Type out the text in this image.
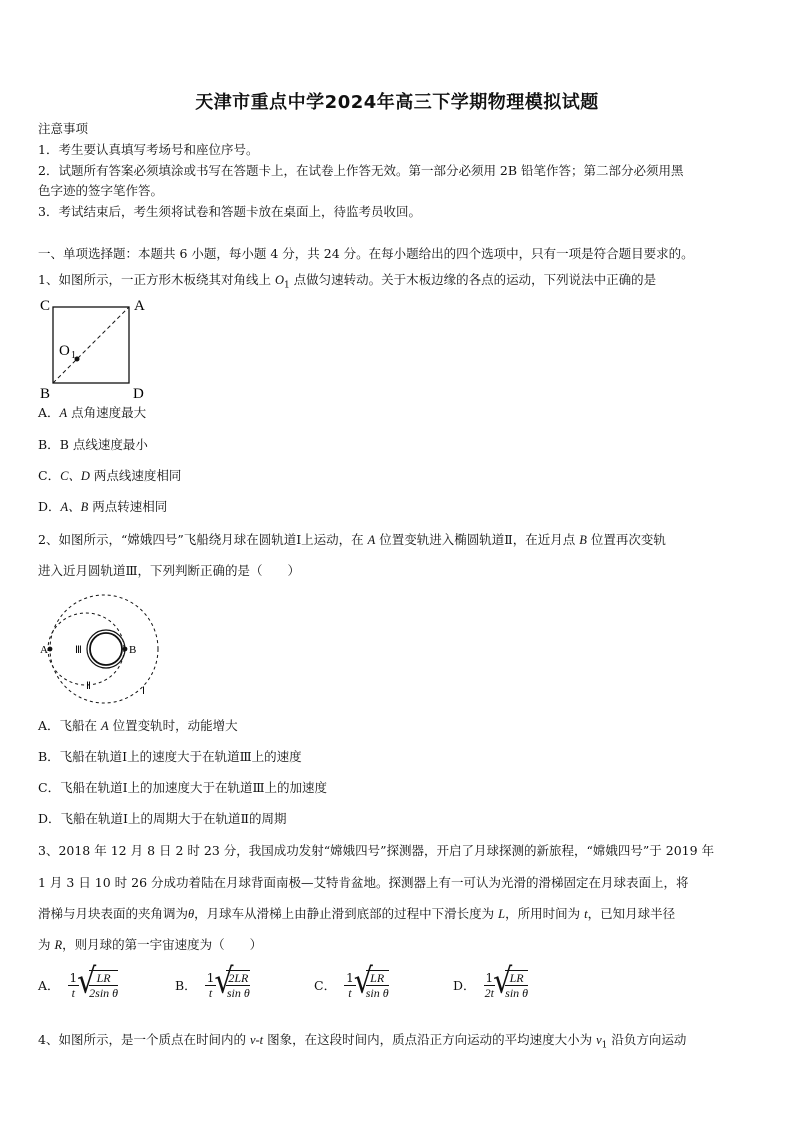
天津市重点中学2024年高三下学期物理模拟试题
注意事项
1．考生要认真填写考场号和座位序号。
2．试题所有答案必须填涂或书写在答题卡上，在试卷上作答无效。第一部分必须用 2B 铅笔作答；第二部分必须用黑
色字迹的签字笔作答。
3．考试结束后，考生须将试卷和答题卡放在桌面上，待监考员收回。
一、单项选择题：本题共 6 小题，每小题 4 分，共 24 分。在每小题给出的四个选项中，只有一项是符合题目要求的。
1、如图所示，一正方形木板绕其对角线上 $O_1$ 点做匀速转动。关于木板边缘的各点的运动，下列说法中正确的是
C	A
B	D
O 1
A．A 点角速度最大
B．B 点线速度最小
C．C、D 两点线速度相同
D．A、B 两点转速相同
2、如图所示，“嫦娥四号”飞船绕月球在圆轨道Ⅰ上运动，在 A 位置变轨进入椭圆轨道Ⅱ，在近月点 B 位置再次变轨
进入近月圆轨道Ⅲ，下列判断正确的是（　　）
A	B
Ⅲ
Ⅱ	Ⅰ
A．飞船在 A 位置变轨时，动能增大
B．飞船在轨道Ⅰ上的速度大于在轨道Ⅲ上的速度
C．飞船在轨道Ⅰ上的加速度大于在轨道Ⅲ上的加速度
D．飞船在轨道Ⅰ上的周期大于在轨道Ⅱ的周期
3、2018 年 12 月 8 日 2 时 23 分，我国成功发射“嫦娥四号”探测器，开启了月球探测的新旅程，“嫦娥四号”于 2019 年
1 月 3 日 10 时 26 分成功着陆在月球背面南极—艾特肯盆地。探测器上有一可认为光滑的滑梯固定在月球表面上，将
滑梯与月块表面的夹角调为θ，月球车从滑梯上由静止滑到底部的过程中下滑长度为 L，所用时间为 t，已知月球半径
为 R，则月球的第一宇宙速度为（　　）
A． $\frac{1}{t}$ √ $\frac{LR}{\text{2sin θ}}$	B． $\frac{1}{t}$ √ $\frac{2LR}{\text{sin θ}}$	C． $\frac{1}{t}$ √ $\frac{LR}{\text{sin θ}}$	D． $\frac{1}{2t}$ √ $\frac{LR}{\text{sin θ}}$
4、如图所示，是一个质点在时间内的 v-t 图象，在这段时间内，质点沿正方向运动的平均速度大小为 $v_1$ 沿负方向运动
